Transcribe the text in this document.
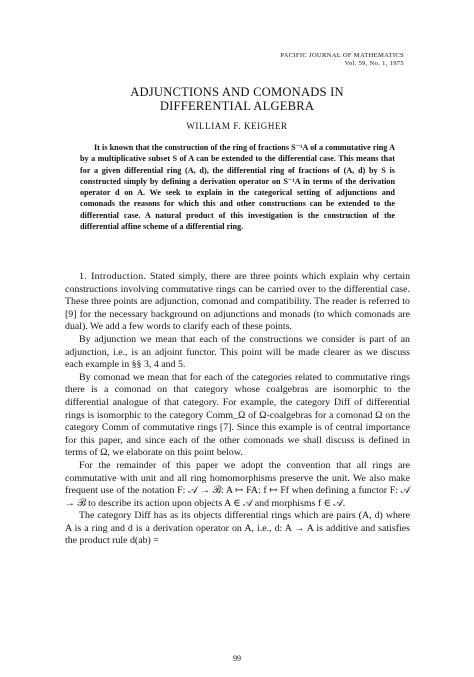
PACIFIC JOURNAL OF MATHEMATICS
Vol. 59, No. 1, 1975
ADJUNCTIONS AND COMONADS IN
DIFFERENTIAL ALGEBRA
WILLIAM F. KEIGHER

It is known that the construction of the ring of fractions S⁻¹A of a commutative ring A by a multiplicative subset S of A can be extended to the differential case. This means that for a given differential ring (A, d), the differential ring of fractions of (A, d) by S is constructed simply by defining a derivation operator on S⁻¹A in terms of the derivation operator d on A. We seek to explain in the categorical setting of adjunctions and comonads the reasons for which this and other constructions can be extended to the differential case. A natural product of this investigation is the construction of the differential affine scheme of a differential ring.

1. Introduction. Stated simply, there are three points which explain why certain constructions involving commutative rings can be carried over to the differential case. These three points are adjunction, comonad and compatibility. The reader is referred to [9] for the necessary background on adjunctions and monads (to which comonads are dual). We add a few words to clarify each of these points.

By adjunction we mean that each of the constructions we consider is part of an adjunction, i.e., is an adjoint functor. This point will be made clearer as we discuss each example in §§ 3, 4 and 5.

By comonad we mean that for each of the categories related to commutative rings there is a comonad on that category whose coalgebras are isomorphic to the differential analogue of that category. For example, the category Diff of differential rings is isomorphic to the category Comm_Ω of Ω-coalgebras for a comonad Ω on the category Comm of commutative rings [7]. Since this example is of central importance for this paper, and since each of the other comonads we shall discuss is defined in terms of Ω, we elaborate on this point below.

For the remainder of this paper we adopt the convention that all rings are commutative with unit and all ring homomorphisms preserve the unit. We also make frequent use of the notation F: 𝒜 → ℬ: A ↦ FA: f ↦ Ff when defining a functor F: 𝒜 → ℬ to describe its action upon objects A ∈ 𝒜 and morphisms f ∈ 𝒜.

The category Diff has as its objects differential rings which are pairs (A, d) where A is a ring and d is a derivation operator on A, i.e., d: A → A is additive and satisfies the product rule d(ab) =

99
